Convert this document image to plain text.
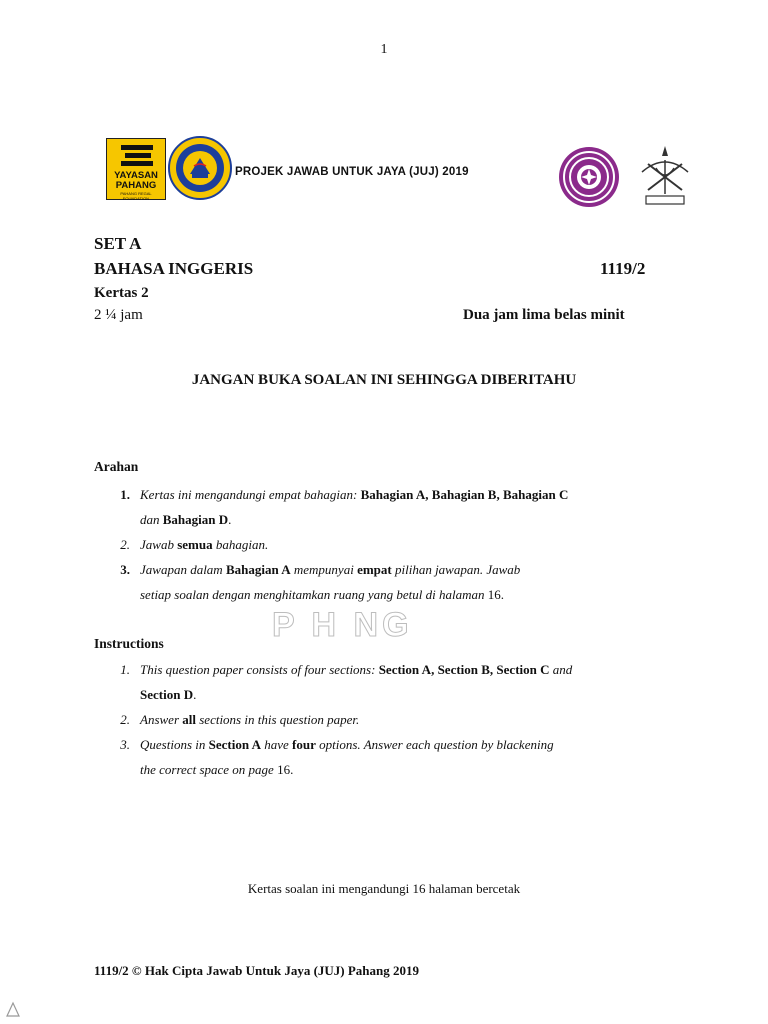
1
YAYASAN
PAHANG
PAHANG REGAL FOUNDATION
PROJEK JAWAB UNTUK JAYA (JUJ) 2019
SET A
BAHASA INGGERIS	1119/2
Kertas 2
2 ¼ jam	Dua jam lima belas minit
JANGAN BUKA SOALAN INI SEHINGGA DIBERITAHU
Arahan
1. Kertas ini mengandungi empat bahagian: Bahagian A, Bahagian B, Bahagian C
dan Bahagian D.
2. Jawab semua bahagian.
3. Jawapan dalam Bahagian A mempunyai empat pilihan jawapan. Jawab
setiap soalan dengan menghitamkan ruang yang betul di halaman 16.
P H NG
Instructions
1. This question paper consists of four sections: Section A, Section B, Section C and
Section D.
2. Answer all sections in this question paper.
3. Questions in Section A have four options. Answer each question by blackening
the correct space on page 16.
Kertas soalan ini mengandungi 16 halaman bercetak
1119/2 © Hak Cipta Jawab Untuk Jaya (JUJ) Pahang 2019
